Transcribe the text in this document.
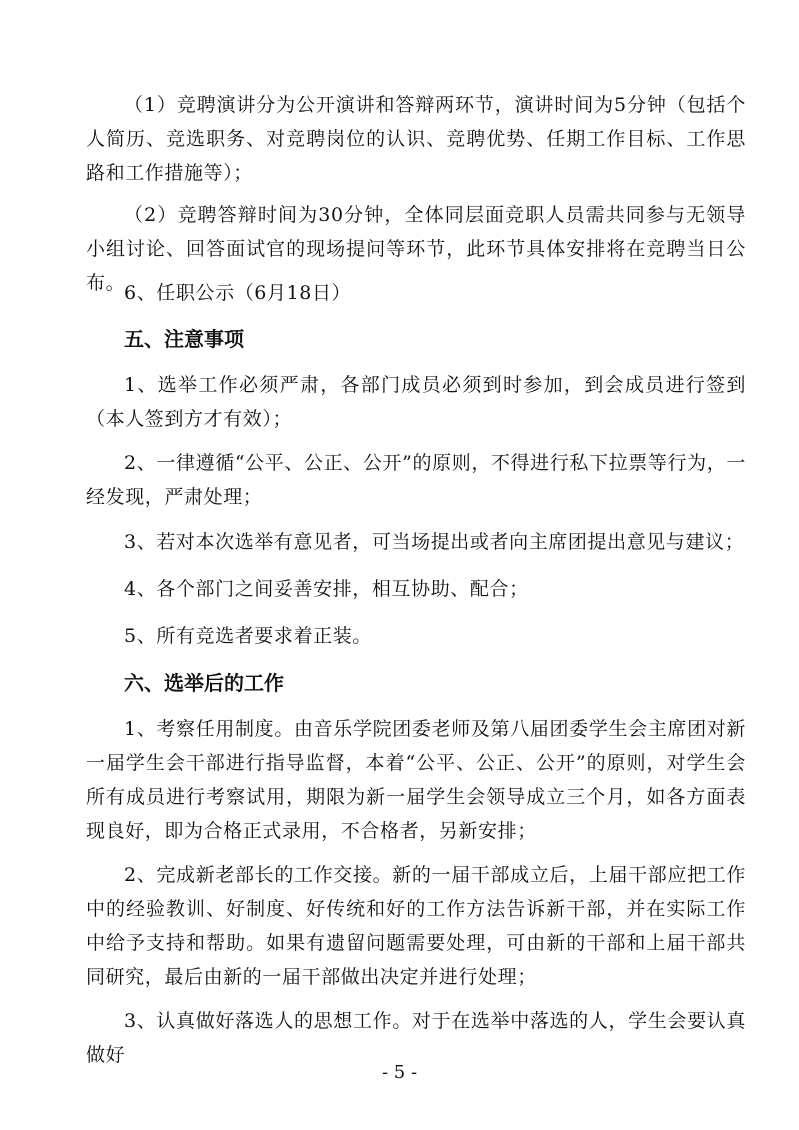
（1）竞聘演讲分为公开演讲和答辩两环节，演讲时间为5分钟（包括个人简历、竞选职务、对竞聘岗位的认识、竞聘优势、任期工作目标、工作思路和工作措施等）；

（2）竞聘答辩时间为30分钟，全体同层面竞职人员需共同参与无领导小组讨论、回答面试官的现场提问等环节，此环节具体安排将在竞聘当日公布。

6、任职公示（6月18日）

五、注意事项

1、选举工作必须严肃，各部门成员必须到时参加，到会成员进行签到（本人签到方才有效）；

2、一律遵循“公平、公正、公开”的原则，不得进行私下拉票等行为，一经发现，严肃处理；

3、若对本次选举有意见者，可当场提出或者向主席团提出意见与建议；

4、各个部门之间妥善安排，相互协助、配合；

5、所有竞选者要求着正装。

六、选举后的工作

1、考察任用制度。由音乐学院团委老师及第八届团委学生会主席团对新一届学生会干部进行指导监督，本着“公平、公正、公开”的原则，对学生会所有成员进行考察试用，期限为新一届学生会领导成立三个月，如各方面表现良好，即为合格正式录用，不合格者，另新安排；

2、完成新老部长的工作交接。新的一届干部成立后，上届干部应把工作中的经验教训、好制度、好传统和好的工作方法告诉新干部，并在实际工作中给予支持和帮助。如果有遗留问题需要处理，可由新的干部和上届干部共同研究，最后由新的一届干部做出决定并进行处理；

3、认真做好落选人的思想工作。对于在选举中落选的人，学生会要认真做好

- 5 -
